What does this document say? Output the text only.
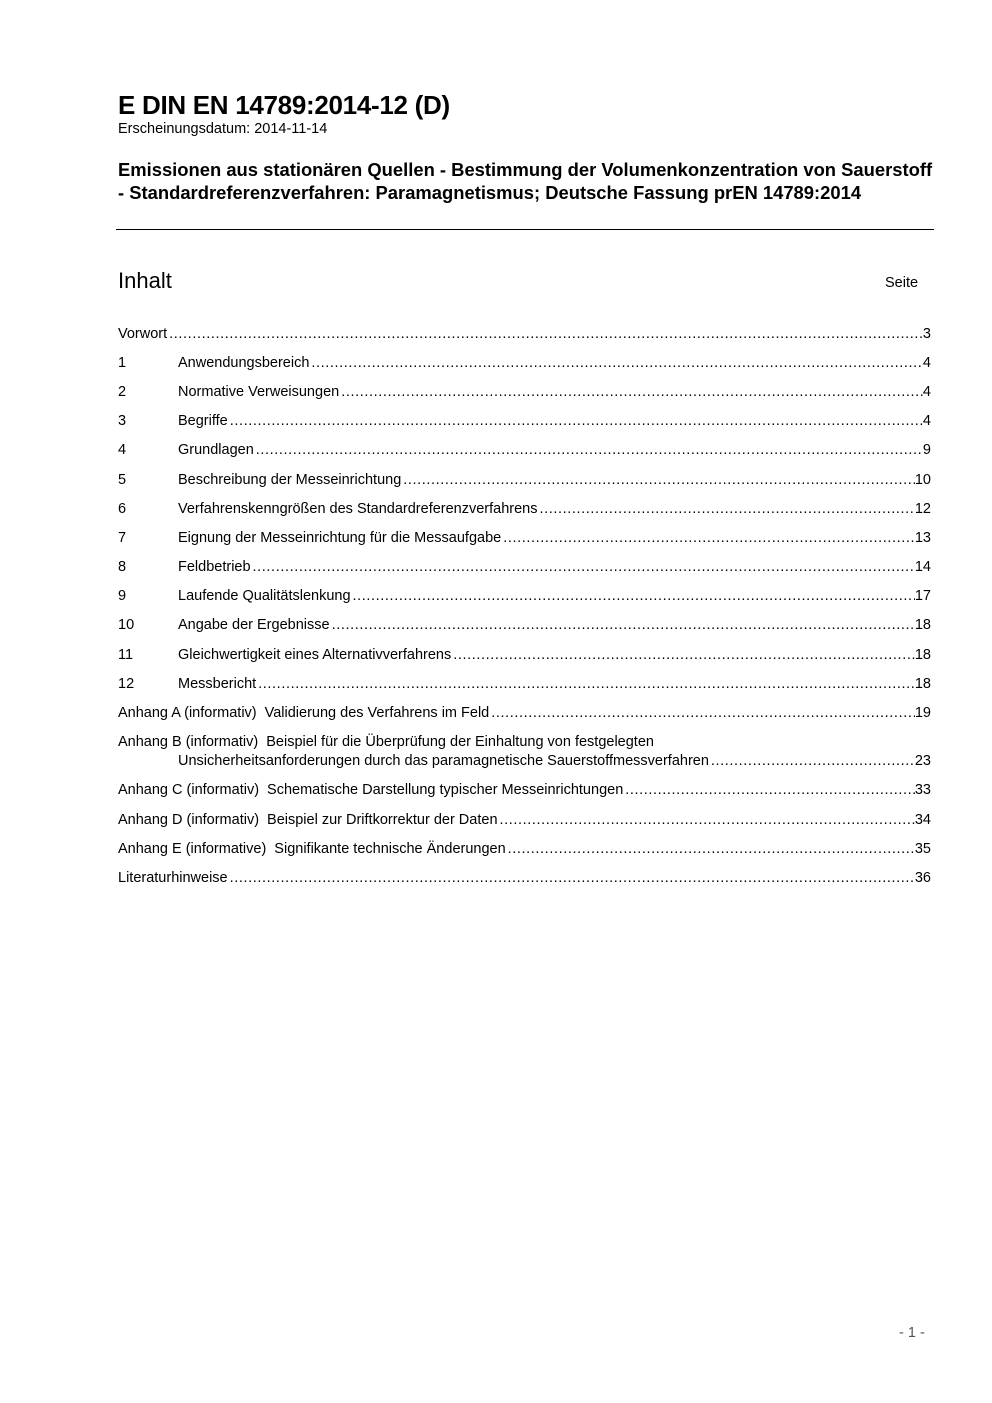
E DIN EN 14789:2014-12 (D)
Erscheinungsdatum: 2014-11-14
Emissionen aus stationären Quellen - Bestimmung der Volumenkonzentration von Sauerstoff - Standardreferenzverfahren: Paramagnetismus; Deutsche Fassung prEN 14789:2014
Inhalt	Seite
Vorwort .....	3
1	Anwendungsbereich .....	4
2	Normative Verweisungen .....	4
3	Begriffe .....	4
4	Grundlagen .....	9
5	Beschreibung der Messeinrichtung .....	10
6	Verfahrenskenngrößen des Standardreferenzverfahrens .....	12
7	Eignung der Messeinrichtung für die Messaufgabe .....	13
8	Feldbetrieb .....	14
9	Laufende Qualitätslenkung .....	17
10	Angabe der Ergebnisse .....	18
11	Gleichwertigkeit eines Alternativverfahrens .....	18
12	Messbericht .....	18
Anhang A (informativ) Validierung des Verfahrens im Feld .....	19
Anhang B (informativ) Beispiel für die Überprüfung der Einhaltung von festgelegten
Unsicherheitsanforderungen durch das paramagnetische Sauerstoffmessverfahren .....	23
Anhang C (informativ) Schematische Darstellung typischer Messeinrichtungen .....	33
Anhang D (informativ) Beispiel zur Driftkorrektur der Daten .....	34
Anhang E (informative) Signifikante technische Änderungen .....	35
Literaturhinweise .....	36
- 1 -
